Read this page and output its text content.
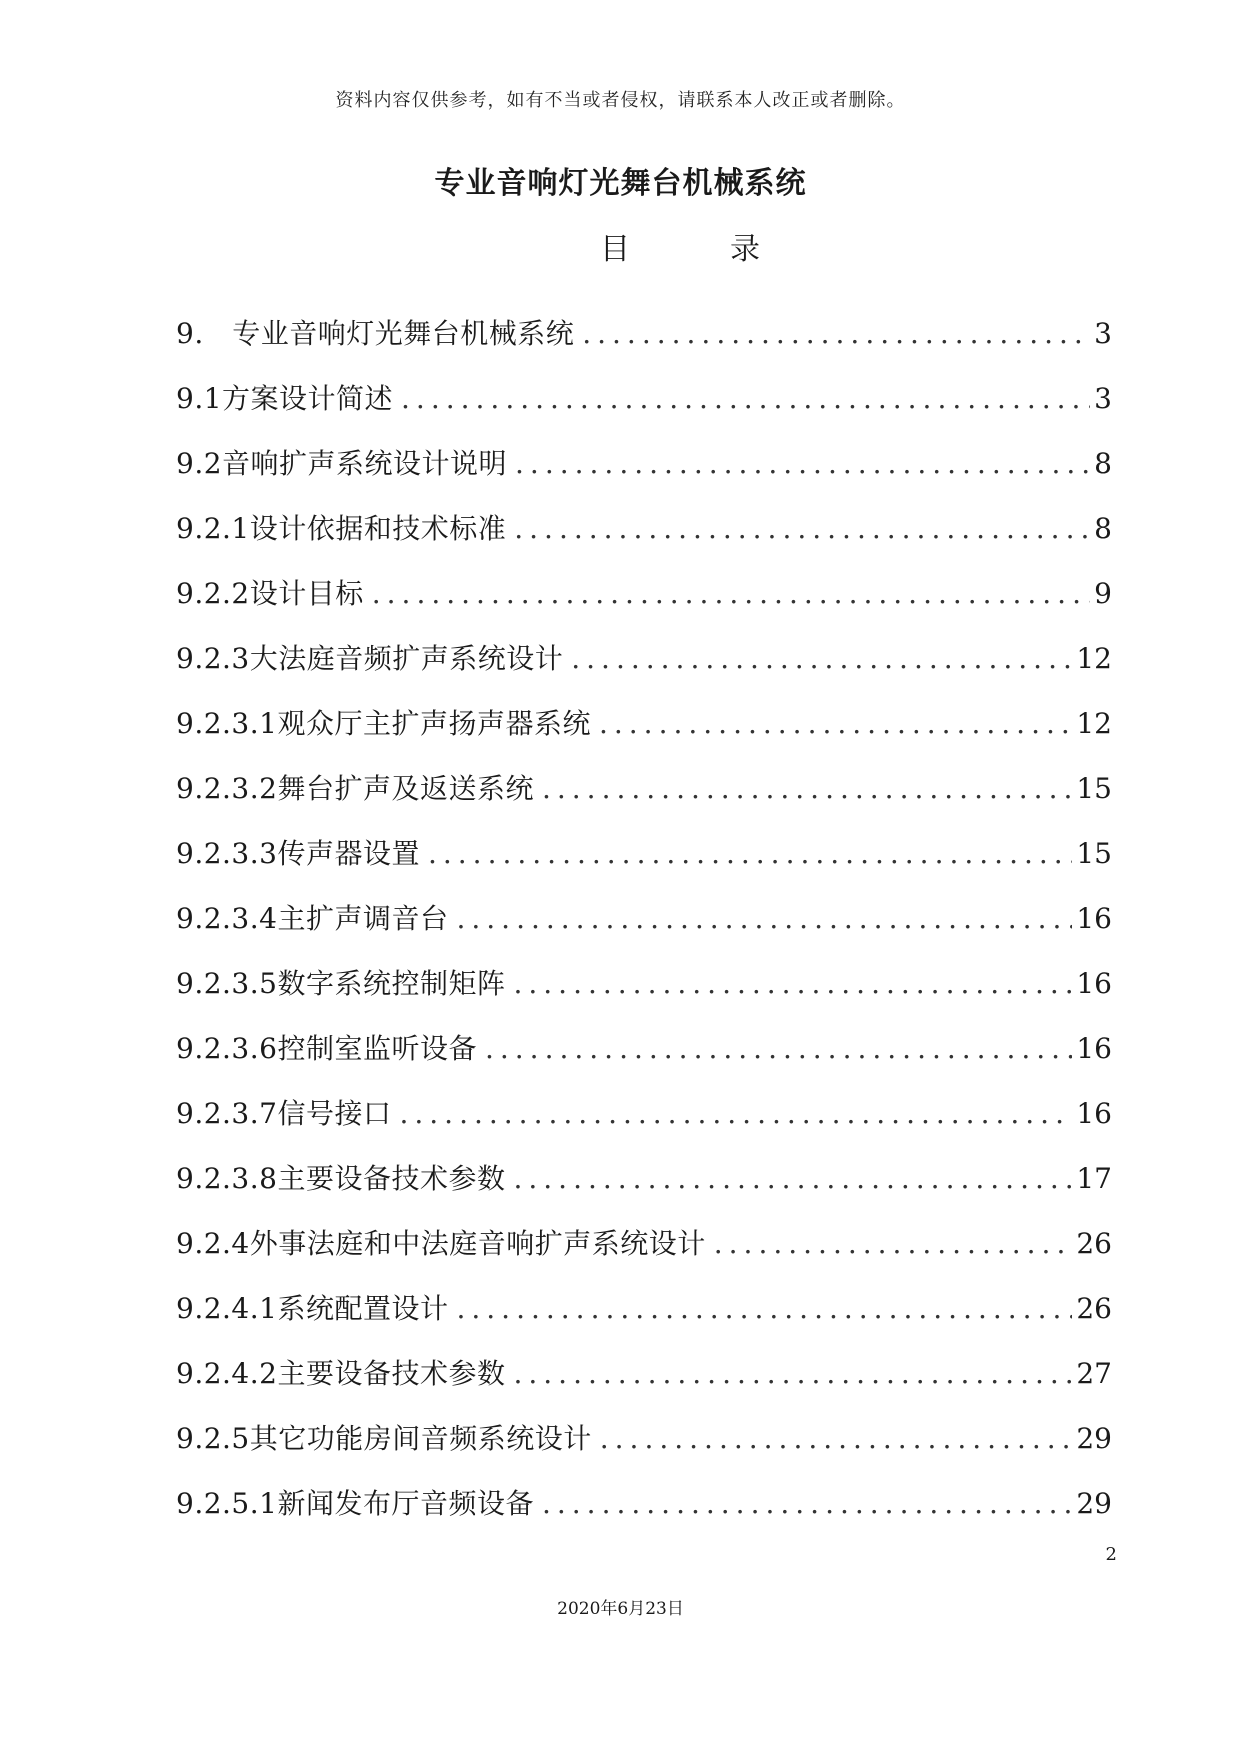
资料内容仅供参考，如有不当或者侵权，请联系本人改正或者删除。
专业音响灯光舞台机械系统
目	录
9.　专业音响灯光舞台机械系统 .....	3
9.1方案设计简述 .....	3
9.2音响扩声系统设计说明 .....	8
9.2.1设计依据和技术标准 .....	8
9.2.2设计目标 .....	9
9.2.3大法庭音频扩声系统设计 .....	12
9.2.3.1观众厅主扩声扬声器系统 .....	12
9.2.3.2舞台扩声及返送系统 .....	15
9.2.3.3传声器设置 .....	15
9.2.3.4主扩声调音台 .....	16
9.2.3.5数字系统控制矩阵 .....	16
9.2.3.6控制室监听设备 .....	16
9.2.3.7信号接口 .....	16
9.2.3.8主要设备技术参数 .....	17
9.2.4外事法庭和中法庭音响扩声系统设计 .....	26
9.2.4.1系统配置设计 .....	26
9.2.4.2主要设备技术参数 .....	27
9.2.5其它功能房间音频系统设计 .....	29
9.2.5.1新闻发布厅音频设备 .....	29
2
2020年6月23日
